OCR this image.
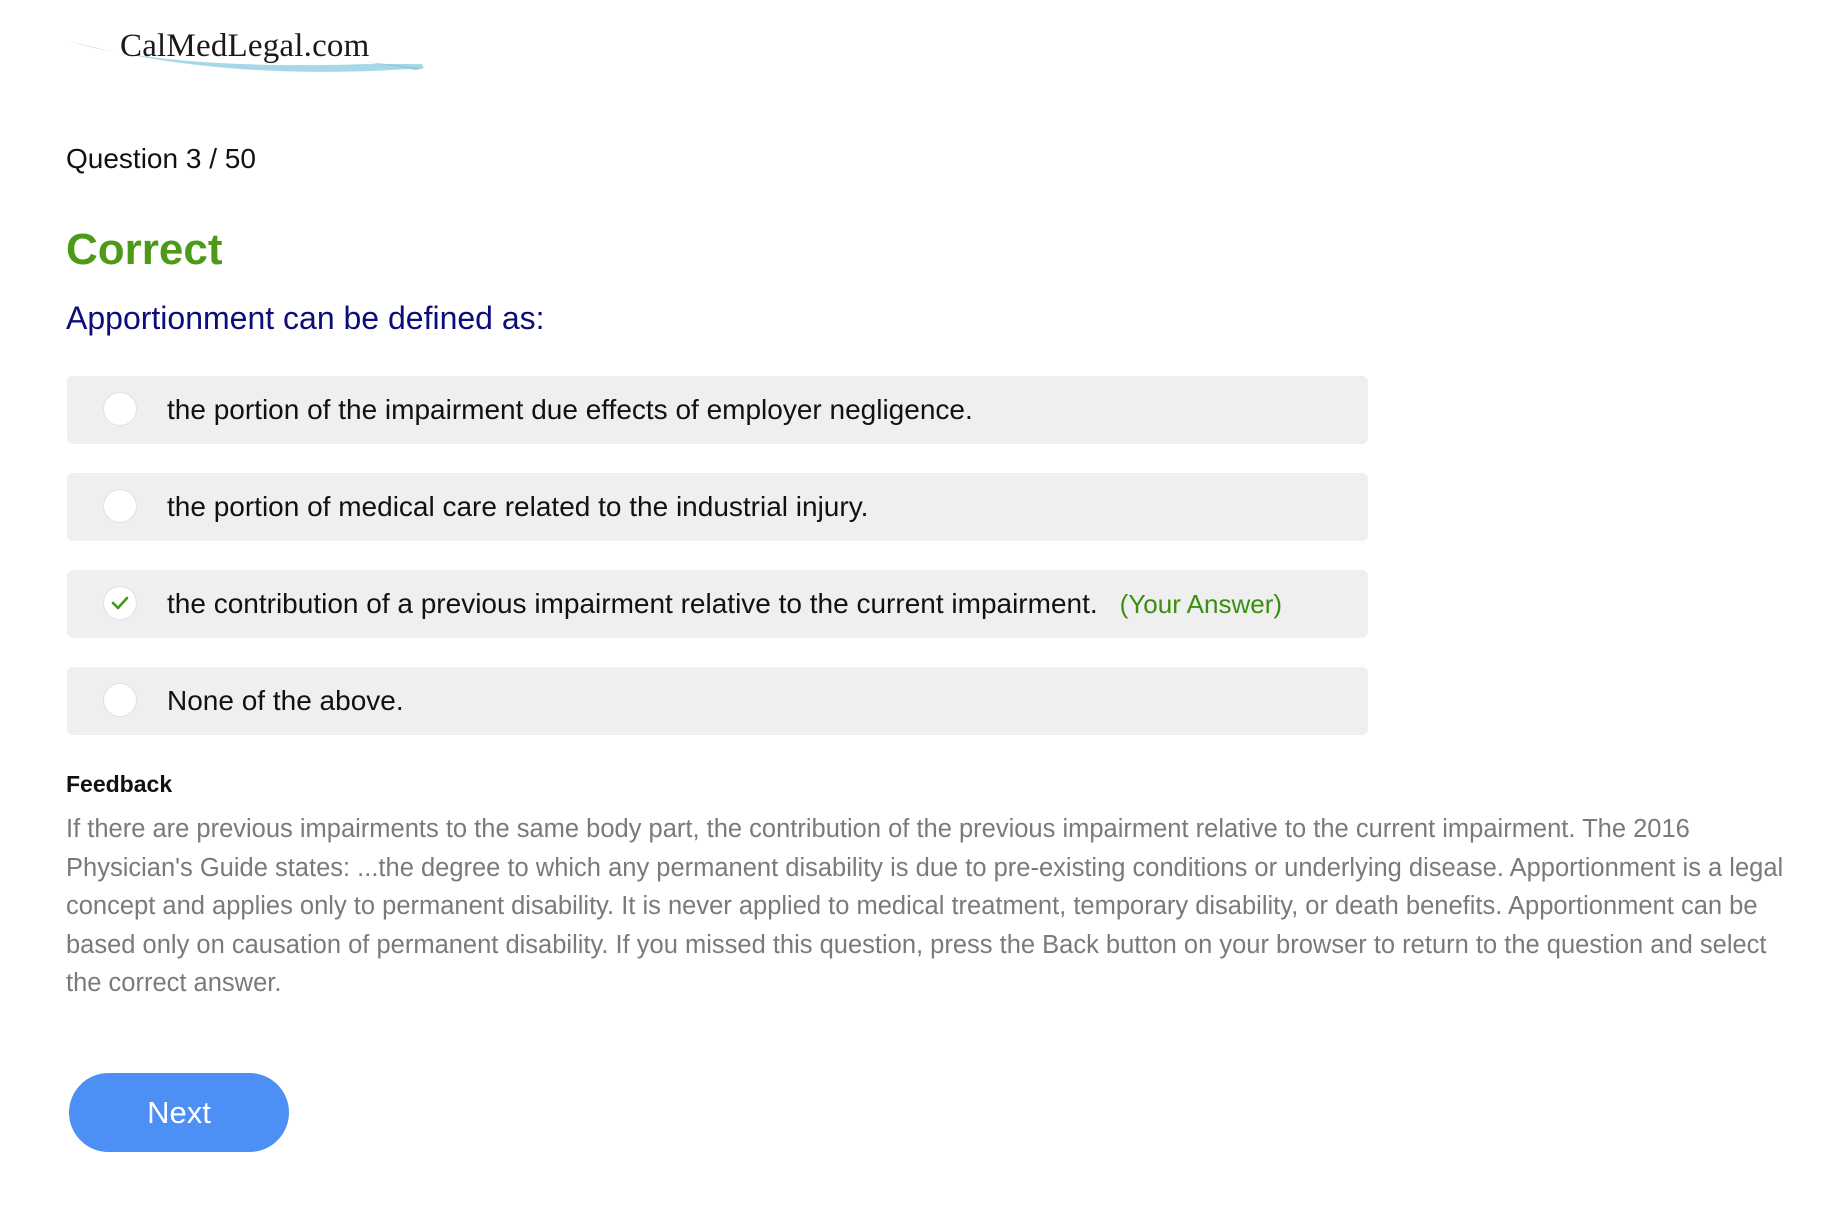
CalMedLegal.com
Question 3 / 50
Correct
Apportionment can be defined as:
the portion of the impairment due effects of employer negligence.
the portion of medical care related to the industrial injury.
the contribution of a previous impairment relative to the current impairment. (Your Answer)
None of the above.
Feedback
If there are previous impairments to the same body part, the contribution of the previous impairment relative to the current impairment. The 2016 Physician's Guide states: ...the degree to which any permanent disability is due to pre-existing conditions or underlying disease. Apportionment is a legal concept and applies only to permanent disability. It is never applied to medical treatment, temporary disability, or death benefits. Apportionment can be based only on causation of permanent disability. If you missed this question, press the Back button on your browser to return to the question and select the correct answer.
Next
